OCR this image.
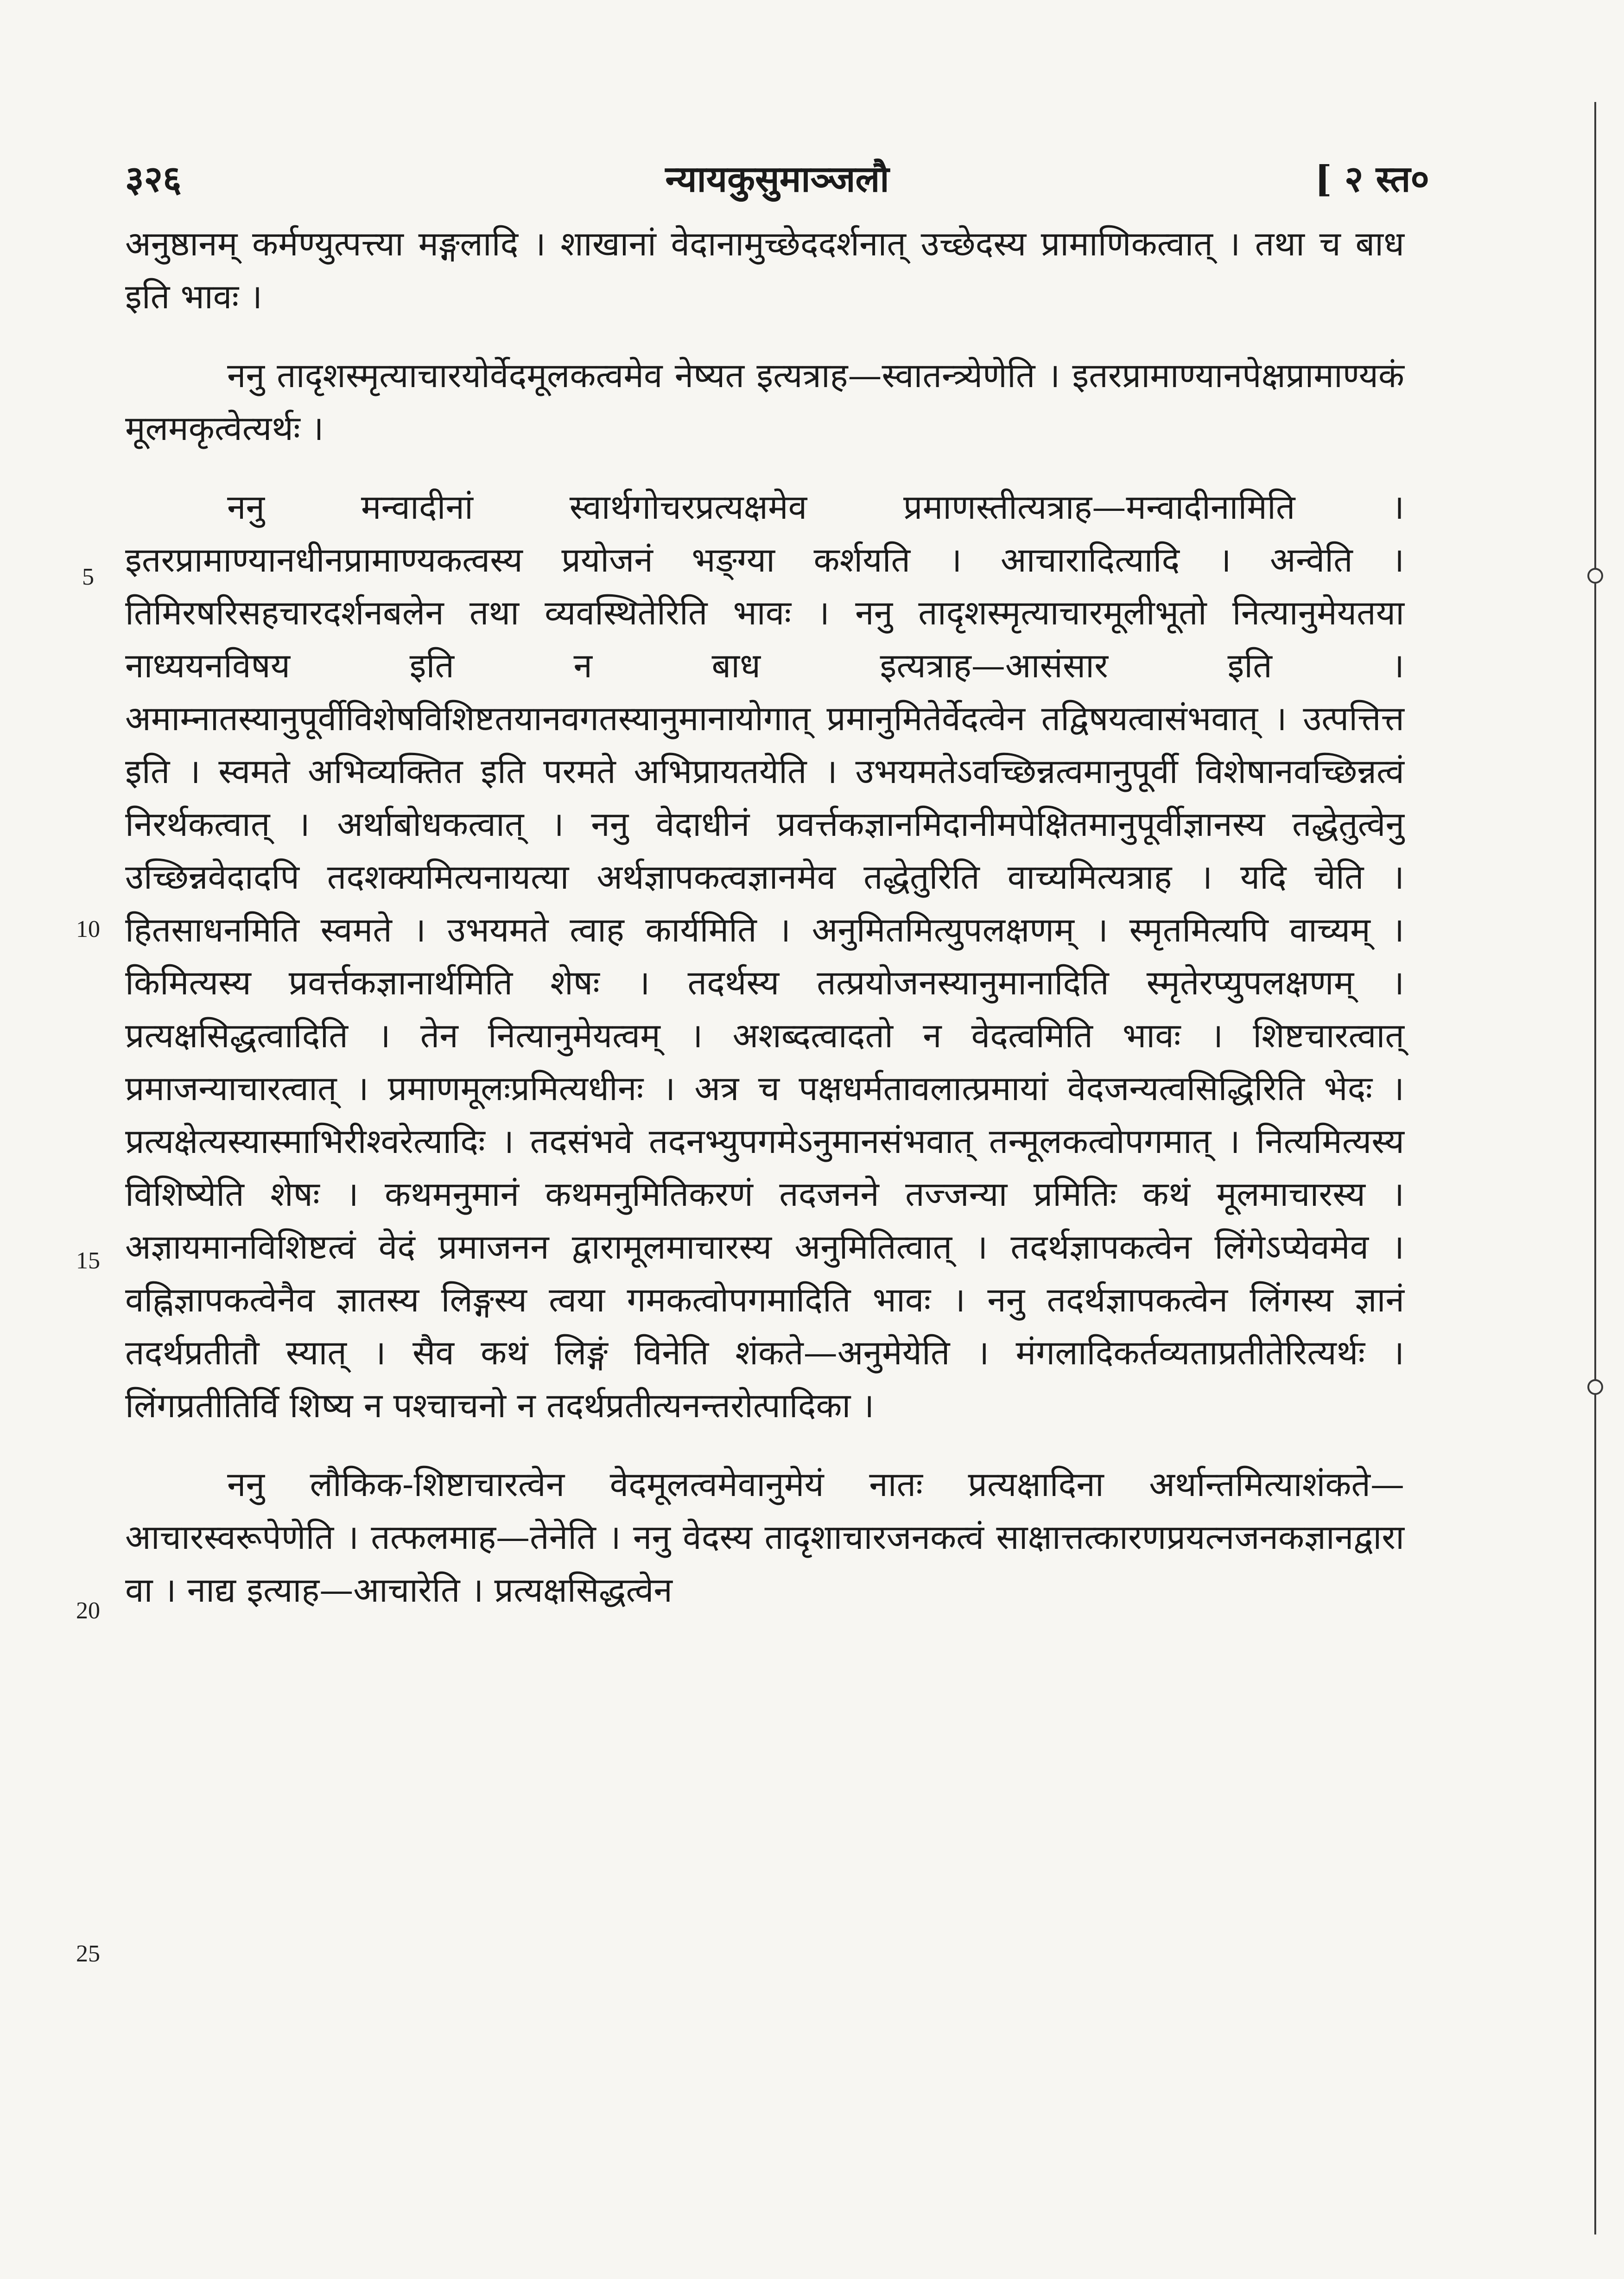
३२६	न्यायकुसुमाञ्जलौ	[ २ स्त०

अनुष्ठानम् कर्मण्युत्पत्त्या मङ्गलादि । शाखानां वेदानामुच्छेददर्शनात् उच्छेदस्य प्रामाणिकत्वात् । तथा च बाध इति भावः ।

ननु तादृशस्मृत्याचारयोर्वेदमूलकत्वमेव नेष्यत इत्यत्राह—स्वातन्त्र्येणेति । इतरप्रामाण्यानपेक्षप्रामाण्यकं मूलमकृत्वेत्यर्थः ।

ननु मन्वादीनां स्वार्थगोचरप्रत्यक्षमेव प्रमाणस्तीत्यत्राह—मन्वादीनामिति । इतरप्रामाण्यानधीनप्रामाण्यकत्वस्य प्रयोजनं भङ्ग्या कर्शयति । आचारादित्यादि । अन्वेति । तिमिरषरिसहचारदर्शनबलेन तथा व्यवस्थितेरिति भावः । ननु तादृशस्मृत्याचारमूलीभूतो नित्यानुमेयतया नाध्ययनविषय इति न बाध इत्यत्राह—आसंसार इति । अमाम्नातस्यानुपूर्वीविशेषविशिष्टतयानवगतस्यानुमानायोगात् प्रमानुमितेर्वेदत्वेन तद्विषयत्वासंभवात् । उत्पत्तित्त इति । स्वमते अभिव्यक्तित इति परमते अभिप्रायतयेति । उभयमतेऽवच्छिन्नत्वमानुपूर्वी विशेषानवच्छिन्नत्वं निरर्थकत्वात् । अर्थाबोधकत्वात् । ननु वेदाधीनं प्रवर्त्तकज्ञानमिदानीमपेक्षितमानुपूर्वीज्ञानस्य तद्धेतुत्वेनु उच्छिन्नवेदादपि तदशक्यमित्यनायत्या अर्थज्ञापकत्वज्ञानमेव तद्धेतुरिति वाच्यमित्यत्राह । यदि चेति । हितसाधनमिति स्वमते । उभयमते त्वाह कार्यमिति । अनुमितमित्युपलक्षणम् । स्मृतमित्यपि वाच्यम् । किमित्यस्य प्रवर्त्तकज्ञानार्थमिति शेषः । तदर्थस्य तत्प्रयोजनस्यानुमानादिति स्मृतेरप्युपलक्षणम् । प्रत्यक्षसिद्धत्वादिति । तेन नित्यानुमेयत्वम् । अशब्दत्वादतो न वेदत्वमिति भावः । शिष्टचारत्वात् प्रमाजन्याचारत्वात् । प्रमाणमूलःप्रमित्यधीनः । अत्र च पक्षधर्मतावलात्प्रमायां वेदजन्यत्वसिद्धिरिति भेदः । प्रत्यक्षेत्यस्यास्माभिरीश्वरेत्यादिः । तदसंभवे तदनभ्युपगमेऽनुमानसंभवात् तन्मूलकत्वोपगमात् । नित्यमित्यस्य विशिष्येति शेषः । कथमनुमानं कथमनुमितिकरणं तदजनने तज्जन्या प्रमितिः कथं मूलमाचारस्य । अज्ञायमानविशिष्टत्वं वेदं प्रमाजनन द्वारामूलमाचारस्य अनुमितित्वात् । तदर्थज्ञापकत्वेन लिंगेऽप्येवमेव । वह्निज्ञापकत्वेनैव ज्ञातस्य लिङ्गस्य त्वया गमकत्वोपगमादिति भावः । ननु तदर्थज्ञापकत्वेन लिंगस्य ज्ञानं तदर्थप्रतीतौ स्यात् । सैव कथं लिङ्गं विनेति शंकते—अनुमेयेति । मंगलादिकर्तव्यताप्रतीतेरित्यर्थः । लिंगप्रतीतिर्वि शिष्य न पश्चाचनो न तदर्थप्रतीत्यनन्तरोत्पादिका ।

ननु लौकिक-शिष्टाचारत्वेन वेदमूलत्वमेवानुमेयं नातः प्रत्यक्षादिना अर्थान्तमित्याशंकते—आचारस्वरूपेणेति । तत्फलमाह—तेनेति । ननु वेदस्य तादृशाचारजनकत्वं साक्षात्तत्कारणप्रयत्नजनकज्ञानद्वारा वा । नाद्य इत्याह—आचारेति । प्रत्यक्षसिद्धत्वेन

5
10
15
20
25
